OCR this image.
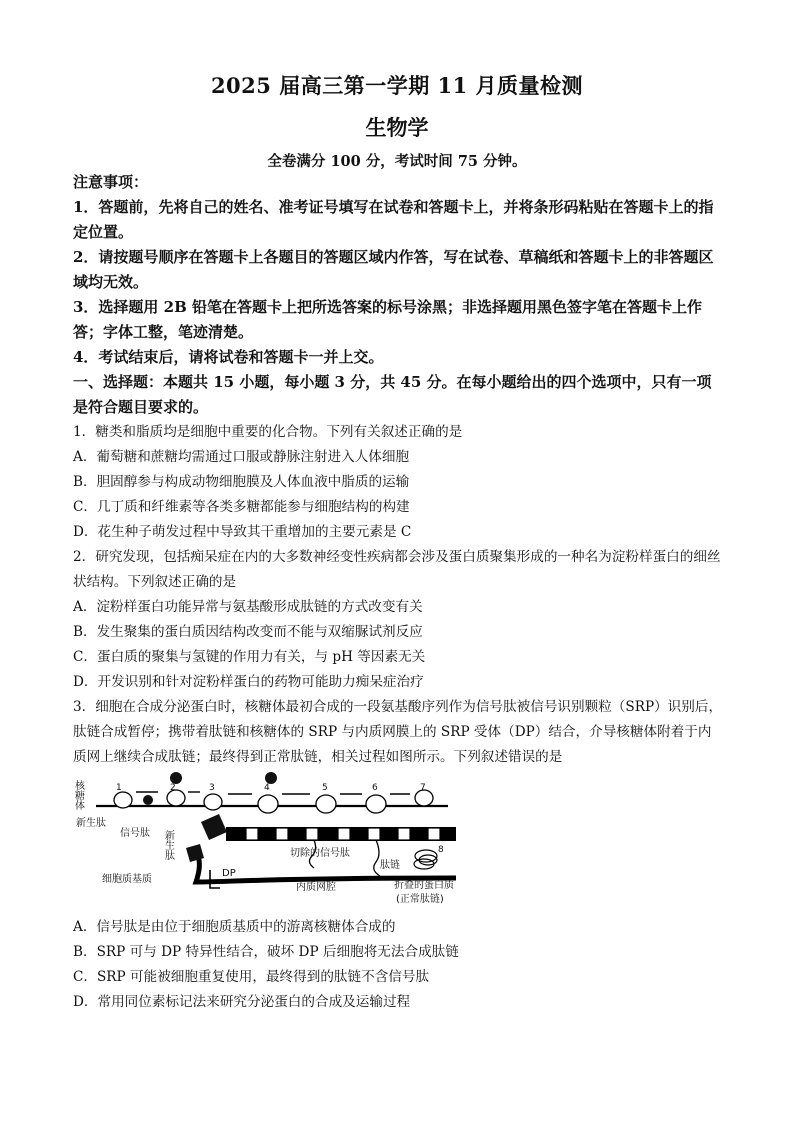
2025 届高三第一学期 11 月质量检测
生物学
全卷满分 100 分，考试时间 75 分钟。
注意事项：
1．答题前，先将自己的姓名、准考证号填写在试卷和答题卡上，并将条形码粘贴在答题卡上的指定位置。
2．请按题号顺序在答题卡上各题目的答题区域内作答，写在试卷、草稿纸和答题卡上的非答题区域均无效。
3．选择题用 2B 铅笔在答题卡上把所选答案的标号涂黑；非选择题用黑色签字笔在答题卡上作答；字体工整，笔迹清楚。
4．考试结束后，请将试卷和答题卡一并上交。
一、选择题：本题共 15 小题，每小题 3 分，共 45 分。在每小题给出的四个选项中，只有一项是符合题目要求的。
1．糖类和脂质均是细胞中重要的化合物。下列有关叙述正确的是
A．葡萄糖和蔗糖均需通过口服或静脉注射进入人体细胞
B．胆固醇参与构成动物细胞膜及人体血液中脂质的运输
C．几丁质和纤维素等各类多糖都能参与细胞结构的构建
D．花生种子萌发过程中导致其干重增加的主要元素是 C
2．研究发现，包括痴呆症在内的大多数神经变性疾病都会涉及蛋白质聚集形成的一种名为淀粉样蛋白的细丝状结构。下列叙述正确的是
A．淀粉样蛋白功能异常与氨基酸形成肽链的方式改变有关
B．发生聚集的蛋白质因结构改变而不能与双缩脲试剂反应
C．蛋白质的聚集与氢键的作用力有关，与 pH 等因素无关
D．开发识别和针对淀粉样蛋白的药物可能助力痴呆症治疗
3．细胞在合成分泌蛋白时，核糖体最初合成的一段氨基酸序列作为信号肽被信号识别颗粒（SRP）识别后，肽链合成暂停；携带着肽链和核糖体的 SRP 与内质网膜上的 SRP 受体（DP）结合，介导核糖体附着于内质网上继续合成肽链；最终得到正常肽链，相关过程如图所示。下列叙述错误的是
核糖体
新生肽
信号肽 新生肽
DP
细胞质基质
内质网腔
切除的信号肽
肽链
折叠的蛋白质
(正常肽链)
1	2	3	4	5	6	7
8
A．信号肽是由位于细胞质基质中的游离核糖体合成的
B．SRP 可与 DP 特异性结合，破坏 DP 后细胞将无法合成肽链
C．SRP 可能被细胞重复使用，最终得到的肽链不含信号肽
D．常用同位素标记法来研究分泌蛋白的合成及运输过程
